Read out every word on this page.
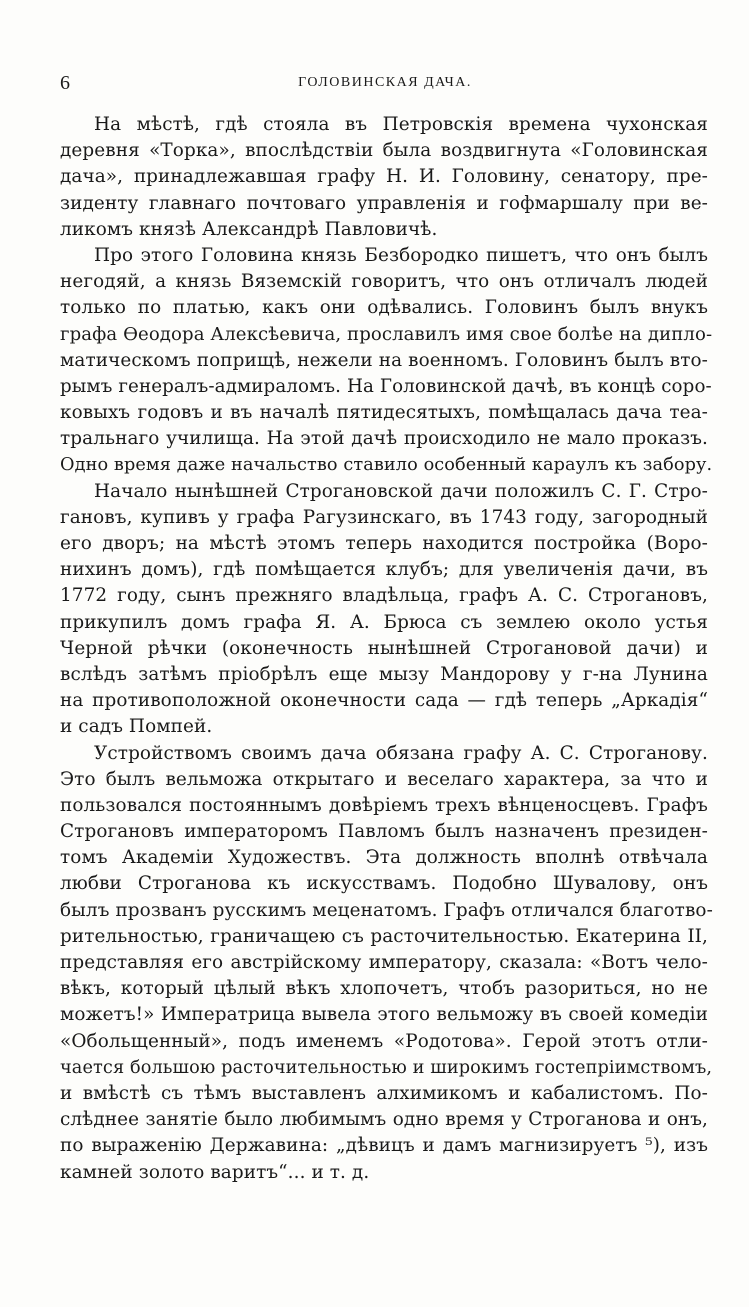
6	ГОЛОВИНСКАЯ ДАЧА.
На мѣстѣ, гдѣ стояла въ Петровскія времена чухонская
деревня «Торка», впослѣдствіи была воздвигнута «Головинская
дача», принадлежавшая графу Н. И. Головину, сенатору, пре-
зиденту главнаго почтоваго управленія и гофмаршалу при ве-
ликомъ князѣ Александрѣ Павловичѣ.
Про этого Головина князь Безбородко пишетъ, что онъ былъ
негодяй, а князь Вяземскій говоритъ, что онъ отличалъ людей
только по платью, какъ они одѣвались. Головинъ былъ внукъ
графа Ѳеодора Алексѣевича, прославилъ имя свое болѣе на дипло-
матическомъ поприщѣ, нежели на военномъ. Головинъ былъ вто-
рымъ генералъ-адмираломъ. На Головинской дачѣ, въ концѣ соро-
ковыхъ годовъ и въ началѣ пятидесятыхъ, помѣщалась дача теа-
тральнаго училища. На этой дачѣ происходило не мало проказъ.
Одно время даже начальство ставило особенный караулъ къ забору.
Начало нынѣшней Строгановской дачи положилъ С. Г. Стро-
гановъ, купивъ у графа Рагузинскаго, въ 1743 году, загородный
его дворъ; на мѣстѣ этомъ теперь находится постройка (Воро-
нихинъ домъ), гдѣ помѣщается клубъ; для увеличенія дачи, въ
1772 году, сынъ прежняго владѣльца, графъ А. С. Строгановъ,
прикупилъ домъ графа Я. А. Брюса съ землею около устья
Черной рѣчки (оконечность нынѣшней Строгановой дачи) и
вслѣдъ затѣмъ пріобрѣлъ еще мызу Мандорову у г-на Лунина
на противоположной оконечности сада — гдѣ теперь „Аркадія“
и садъ Помпей.
Устройствомъ своимъ дача обязана графу А. С. Строганову.
Это былъ вельможа открытаго и веселаго характера, за что и
пользовался постояннымъ довѣріемъ трехъ вѣнценосцевъ. Графъ
Строгановъ императоромъ Павломъ былъ назначенъ президен-
томъ Академіи Художествъ. Эта должность вполнѣ отвѣчала
любви Строганова къ искусствамъ. Подобно Шувалову, онъ
былъ прозванъ русскимъ меценатомъ. Графъ отличался благотво-
рительностью, граничащею съ расточительностью. Екатерина II,
представляя его австрійскому императору, сказала: «Вотъ чело-
вѣкъ, который цѣлый вѣкъ хлопочетъ, чтобъ разориться, но не
можетъ!» Императрица вывела этого вельможу въ своей комедіи
«Обольщенный», подъ именемъ «Родотова». Герой этотъ отли-
чается большою расточительностью и широкимъ гостепріимствомъ,
и вмѣстѣ съ тѣмъ выставленъ алхимикомъ и кабалистомъ. По-
слѣднее занятіе было любимымъ одно время у Строганова и онъ,
по выраженію Державина: „дѣвицъ и дамъ магнизируетъ ⁵), изъ
камней золото варитъ“... и т. д.
